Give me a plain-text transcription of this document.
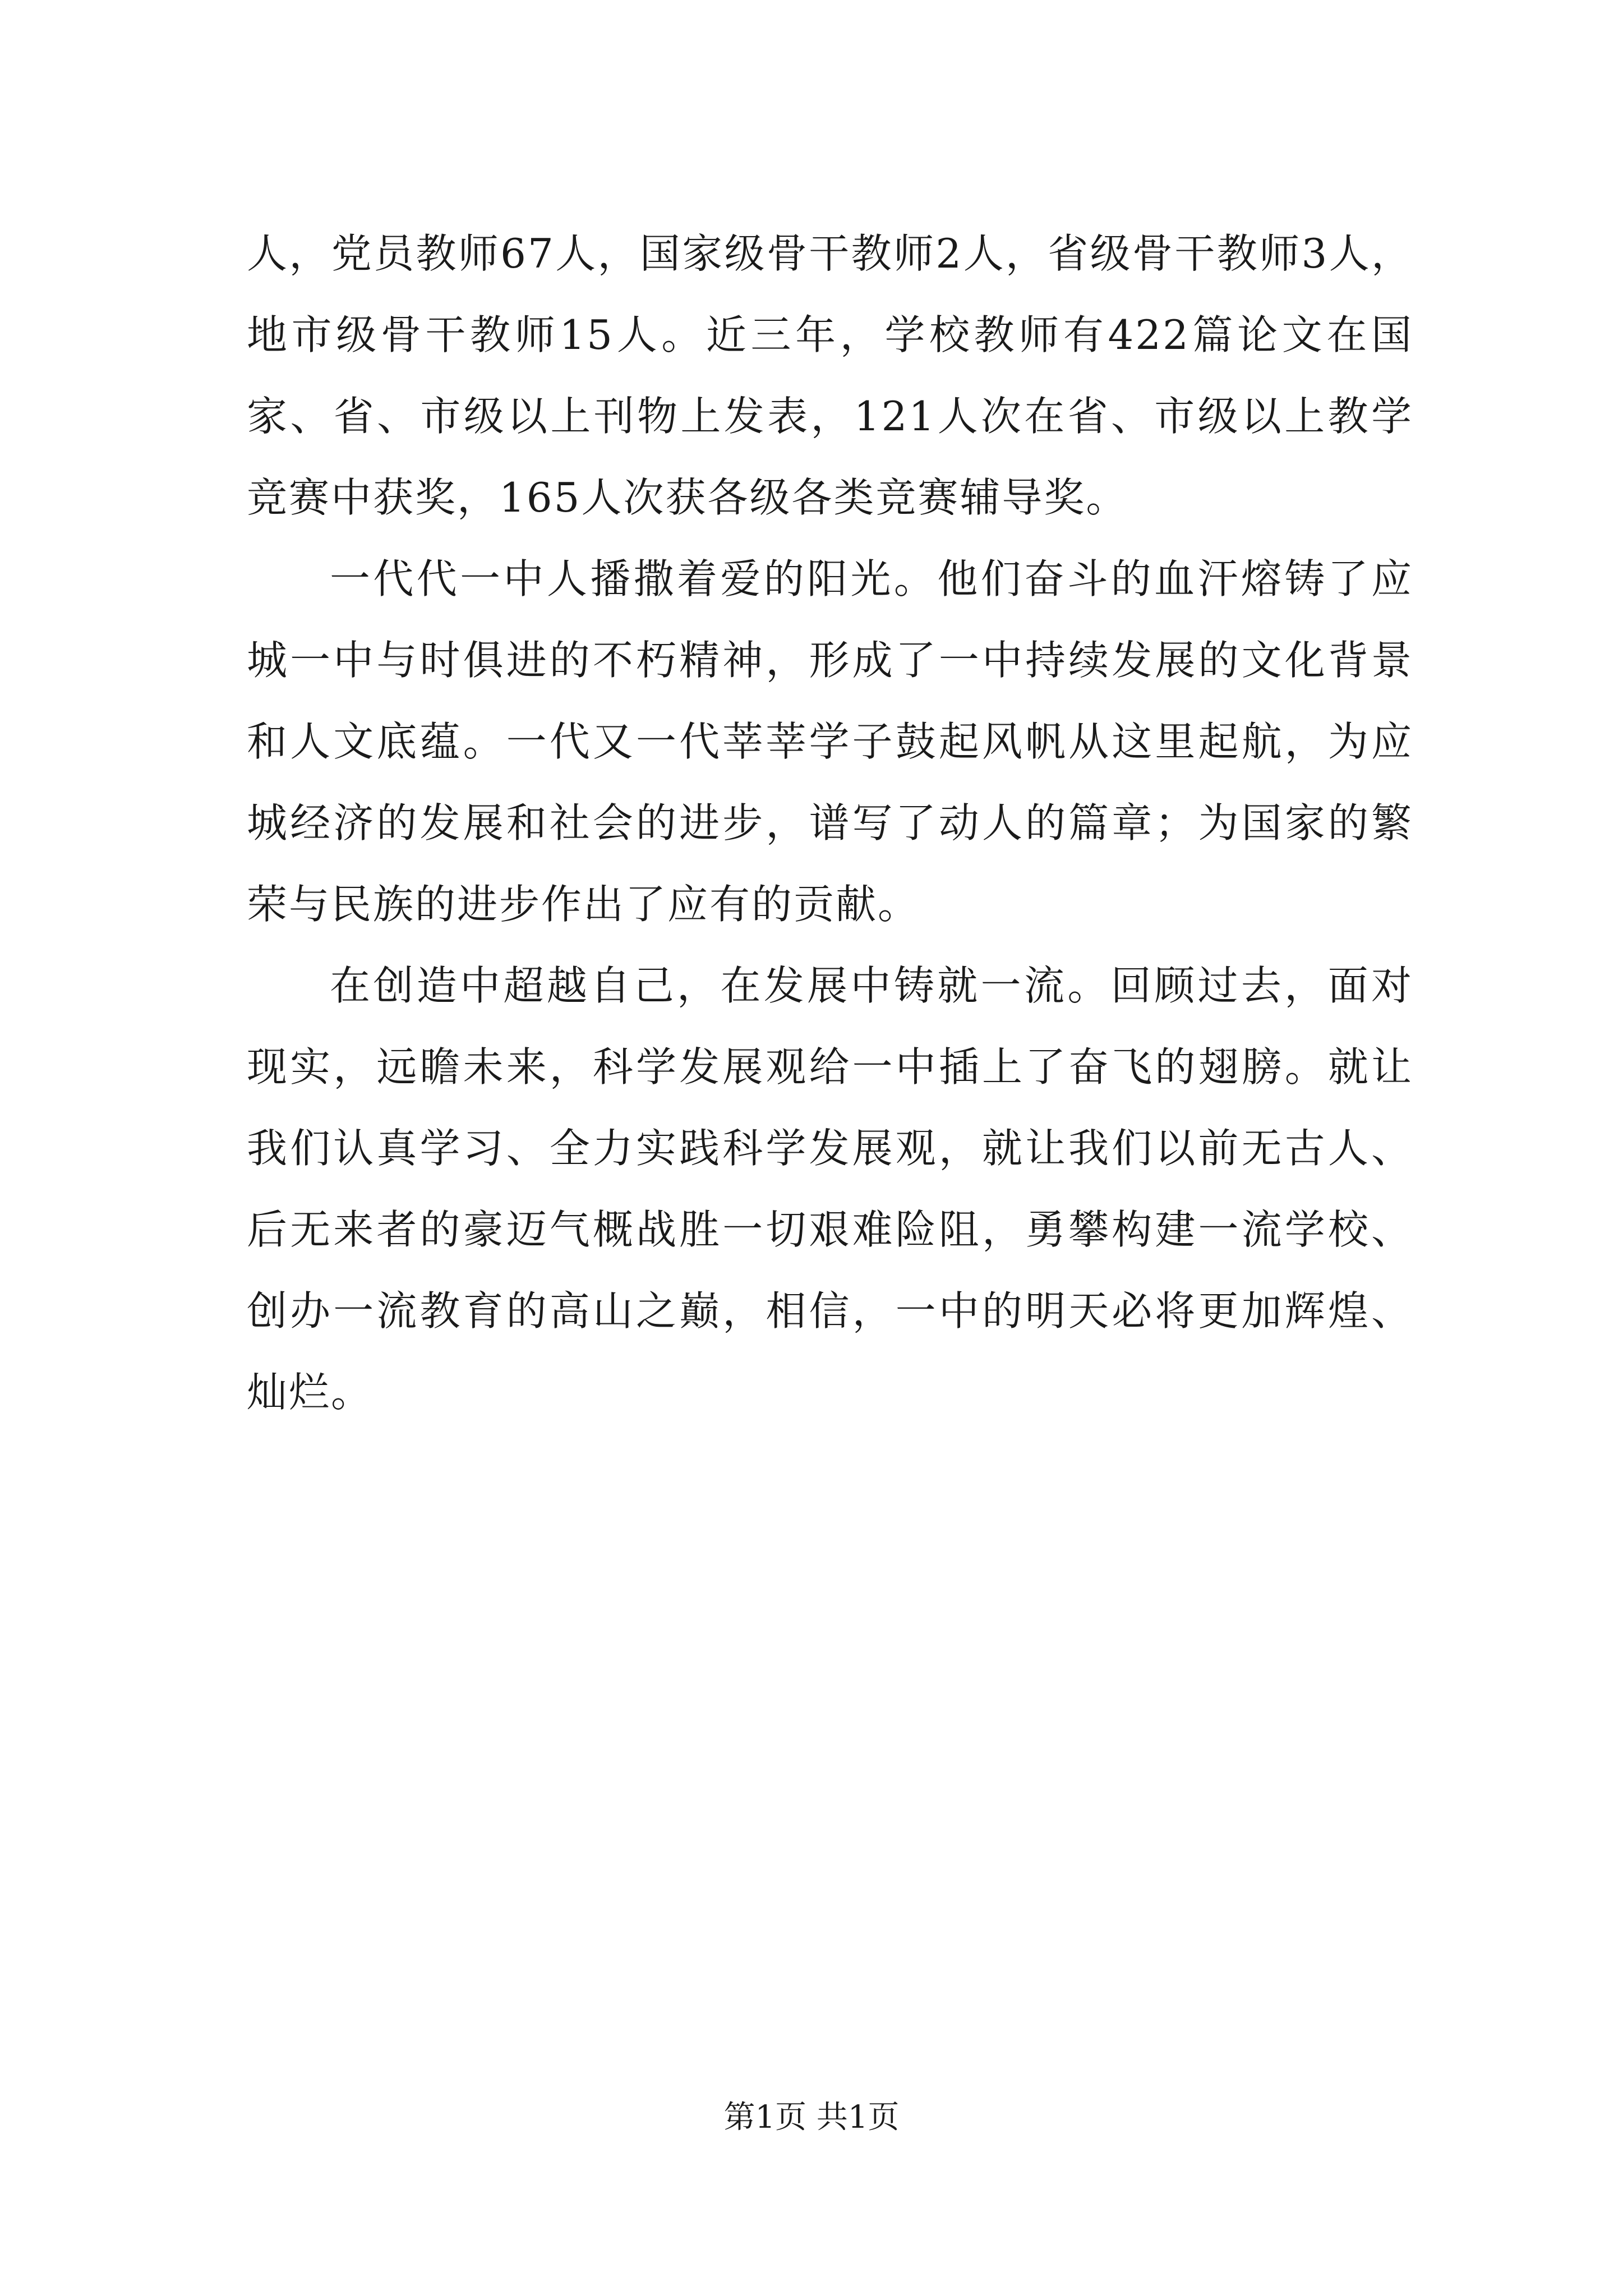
人，党员教师67人，国家级骨干教师2人，省级骨干教师3人，地市级骨干教师15人。近三年，学校教师有422篇论文在国家、省、市级以上刊物上发表，121人次在省、市级以上教学竞赛中获奖，165人次获各级各类竞赛辅导奖。

一代代一中人播撒着爱的阳光。他们奋斗的血汗熔铸了应城一中与时俱进的不朽精神，形成了一中持续发展的文化背景和人文底蕴。一代又一代莘莘学子鼓起风帆从这里起航，为应城经济的发展和社会的进步，谱写了动人的篇章；为国家的繁荣与民族的进步作出了应有的贡献。

在创造中超越自己，在发展中铸就一流。回顾过去，面对现实，远瞻未来，科学发展观给一中插上了奋飞的翅膀。就让我们认真学习、全力实践科学发展观，就让我们以前无古人、后无来者的豪迈气概战胜一切艰难险阻，勇攀构建一流学校、创办一流教育的高山之巅，相信，一中的明天必将更加辉煌、灿烂。

第1页 共1页
